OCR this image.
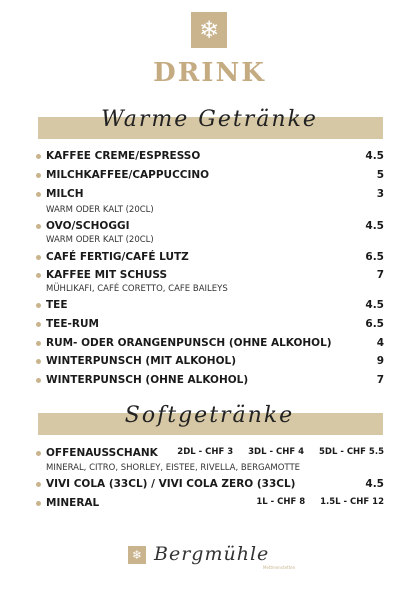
❄
DRINK
Warme Getränke
KAFFEE CREME/ESPRESSO	4.5
MILCHKAFFEE/CAPPUCCINO	5
MILCH	3
WARM ODER KALT (20CL)
OVO/SCHOGGI	4.5
WARM ODER KALT (20CL)
CAFÉ FERTIG/CAFÉ LUTZ	6.5
KAFFEE MIT SCHUSS	7
MÜHLIKAFI, CAFÉ CORETTO, CAFE BAILEYS
TEE	4.5
TEE-RUM	6.5
RUM- ODER ORANGENPUNSCH (OHNE ALKOHOL)	4
WINTERPUNSCH (MIT ALKOHOL)	9
WINTERPUNSCH (OHNE ALKOHOL)	7
Softgetränke
OFFENAUSSCHANK	2DL - CHF 3 3DL - CHF 4 5DL - CHF 5.5
MINERAL, CITRO, SHORLEY, EISTEE, RIVELLA, BERGAMOTTE
VIVI COLA (33CL) / VIVI COLA ZERO (33CL)	4.5
MINERAL	1L - CHF 8 1.5L - CHF 12
❄ Bergmühle
Mettmenstetten
